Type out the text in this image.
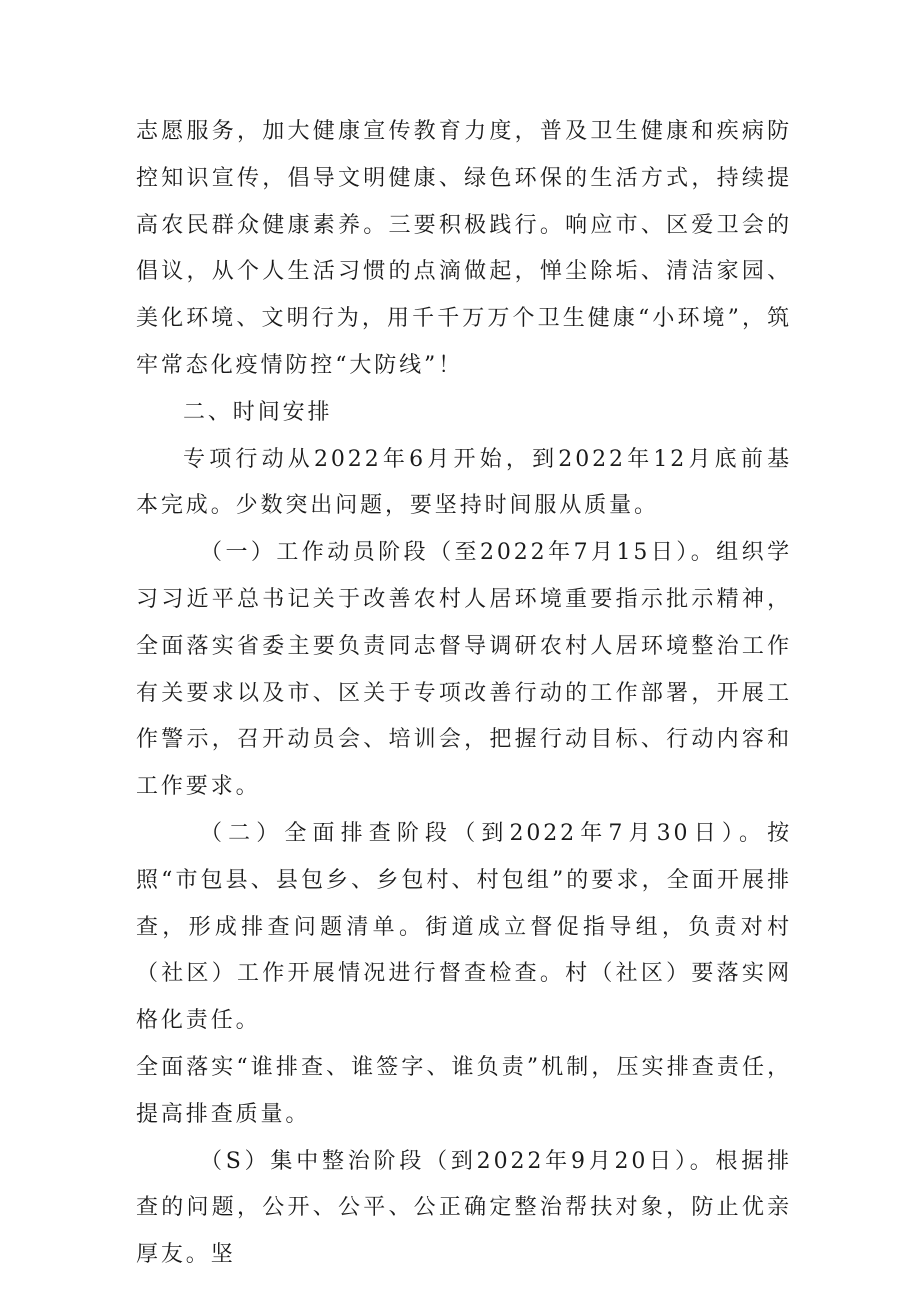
志愿服务，加大健康宣传教育力度，普及卫生健康和疾病防控知识宣传，倡导文明健康、绿色环保的生活方式，持续提高农民群众健康素养。三要积极践行。响应市、区爱卫会的倡议，从个人生活习惯的点滴做起，惮尘除垢、清洁家园、美化环境、文明行为，用千千万万个卫生健康“小环境”，筑牢常态化疫情防控“大防线”！

二、时间安排

专项行动从2022年6月开始，到2022年12月底前基本完成。少数突出问题，要坚持时间服从质量。

（一）工作动员阶段（至2022年7月15日）。组织学习习近平总书记关于改善农村人居环境重要指示批示精神，全面落实省委主要负责同志督导调研农村人居环境整治工作有关要求以及市、区关于专项改善行动的工作部署，开展工作警示，召开动员会、培训会，把握行动目标、行动内容和工作要求。

（二）全面排查阶段（到2022年7月30日）。按照“市包县、县包乡、乡包村、村包组”的要求，全面开展排查，形成排查问题清单。街道成立督促指导组，负责对村（社区）工作开展情况进行督查检查。村（社区）要落实网格化责任。

全面落实“谁排查、谁签字、谁负责”机制，压实排查责任，提高排查质量。

（S）集中整治阶段（到2022年9月20日）。根据排查的问题，公开、公平、公正确定整治帮扶对象，防止优亲厚友。坚
